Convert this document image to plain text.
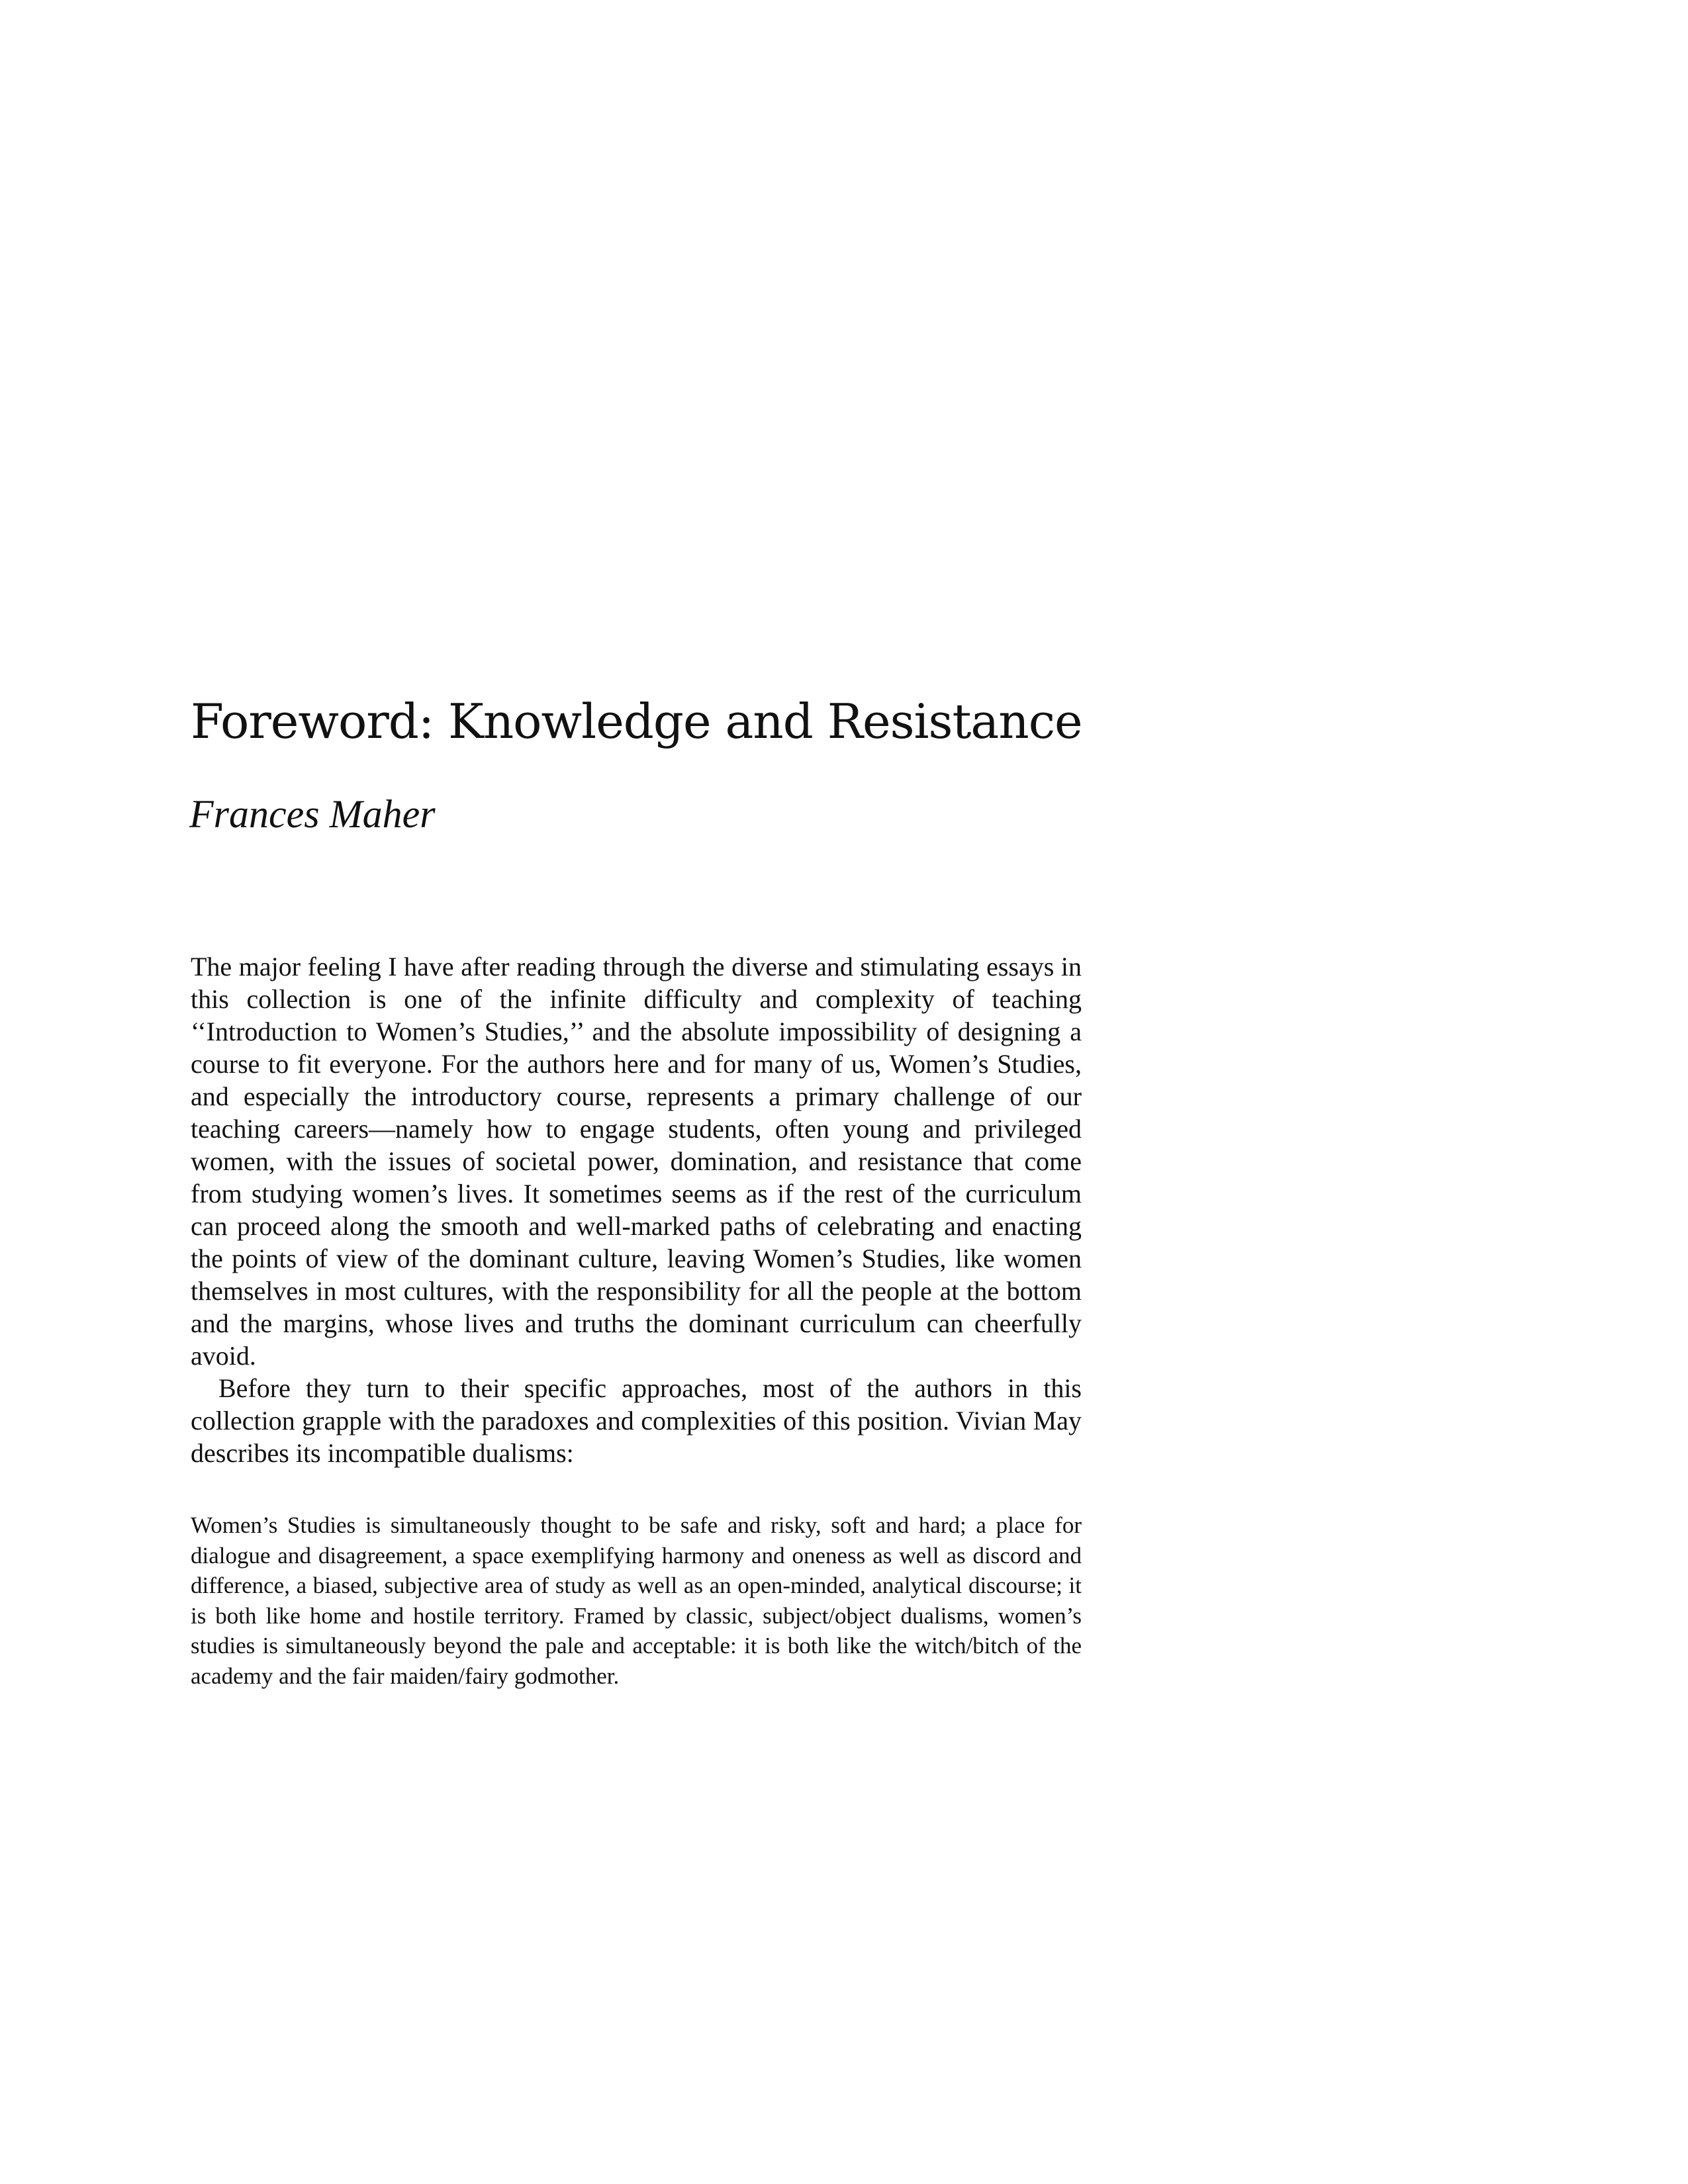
Foreword: Knowledge and Resistance
Frances Maher

The major feeling I have after reading through the diverse and stimulating essays in this collection is one of the infinite difficulty and complexity of teaching ‘‘Introduction to Women’s Studies,’’ and the absolute impossibility of designing a course to fit everyone. For the authors here and for many of us, Women’s Studies, and especially the introductory course, represents a primary challenge of our teaching careers—namely how to engage students, often young and privileged women, with the issues of societal power, domination, and resistance that come from studying women’s lives. It sometimes seems as if the rest of the curriculum can proceed along the smooth and well-marked paths of celebrating and enacting the points of view of the dominant culture, leaving Women’s Studies, like women themselves in most cultures, with the responsibility for all the people at the bottom and the margins, whose lives and truths the dominant curriculum can cheerfully avoid.

Before they turn to their specific approaches, most of the authors in this collection grapple with the paradoxes and complexities of this position. Vivian May describes its incompatible dualisms:

Women’s Studies is simultaneously thought to be safe and risky, soft and hard; a place for dialogue and disagreement, a space exemplifying harmony and oneness as well as discord and difference, a biased, subjective area of study as well as an open-minded, analytical discourse; it is both like home and hostile territory. Framed by classic, subject/object dualisms, women’s studies is simultaneously beyond the pale and acceptable: it is both like the witch/bitch of the academy and the fair maiden/fairy godmother.
